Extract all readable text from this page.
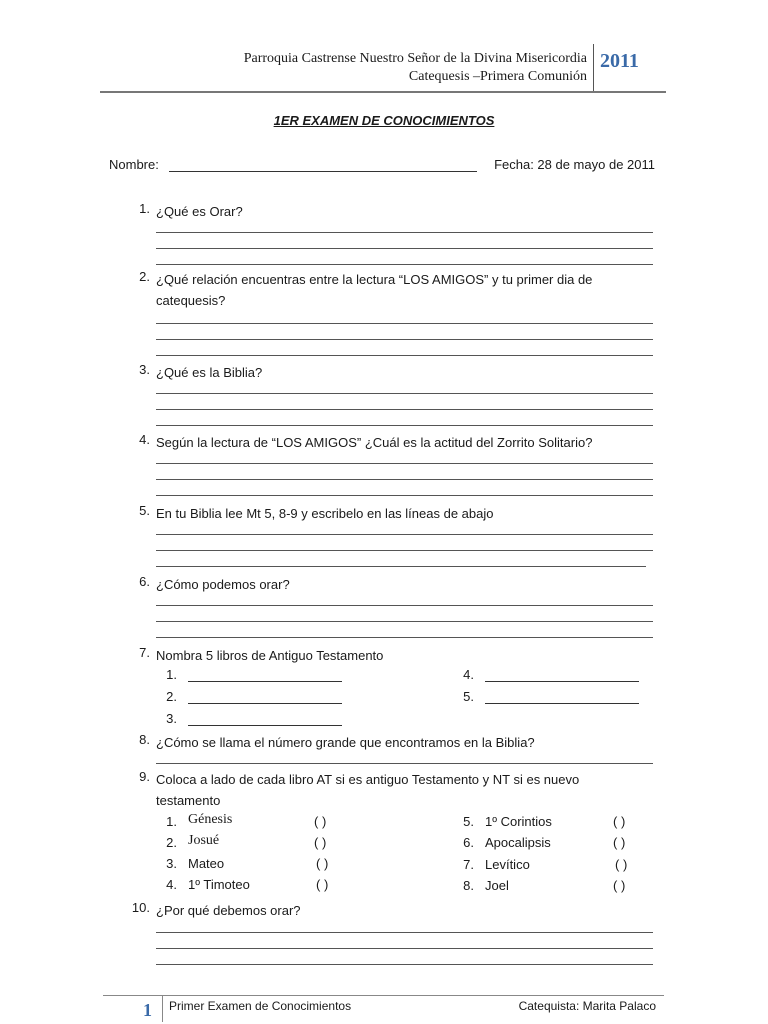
Parroquia Castrense Nuestro Señor de la Divina Misericordia
Catequesis –Primera Comunión
2011
1ER EXAMEN DE CONOCIMIENTOS
Nombre:	Fecha: 28 de mayo de 2011
1. ¿Qué es Orar?
2. ¿Qué relación encuentras entre la lectura “LOS AMIGOS” y tu primer dia de catequesis?
3. ¿Qué es la Biblia?
4. Según la lectura de “LOS AMIGOS” ¿Cuál es la actitud del Zorrito Solitario?
5. En tu Biblia lee Mt 5, 8-9 y escribelo en las líneas de abajo
6. ¿Cómo podemos orar?
7. Nombra 5 libros de Antiguo Testamento
1.
2.
3.
4.
5.
8. ¿Cómo se llama el número grande que encontramos en la Biblia?
9. Coloca a lado de cada libro AT si es antiguo Testamento y NT si es nuevo testamento
1. Génesis	( )
2. Josué	( )
3. Mateo	( )
4. 1º Timoteo	( )
5. 1º Corintios	( )
6. Apocalipsis	( )
7. Levítico	( )
8. Joel	( )
10. ¿Por qué debemos orar?
1 Primer Examen de Conocimientos	Catequista: Marita Palaco
